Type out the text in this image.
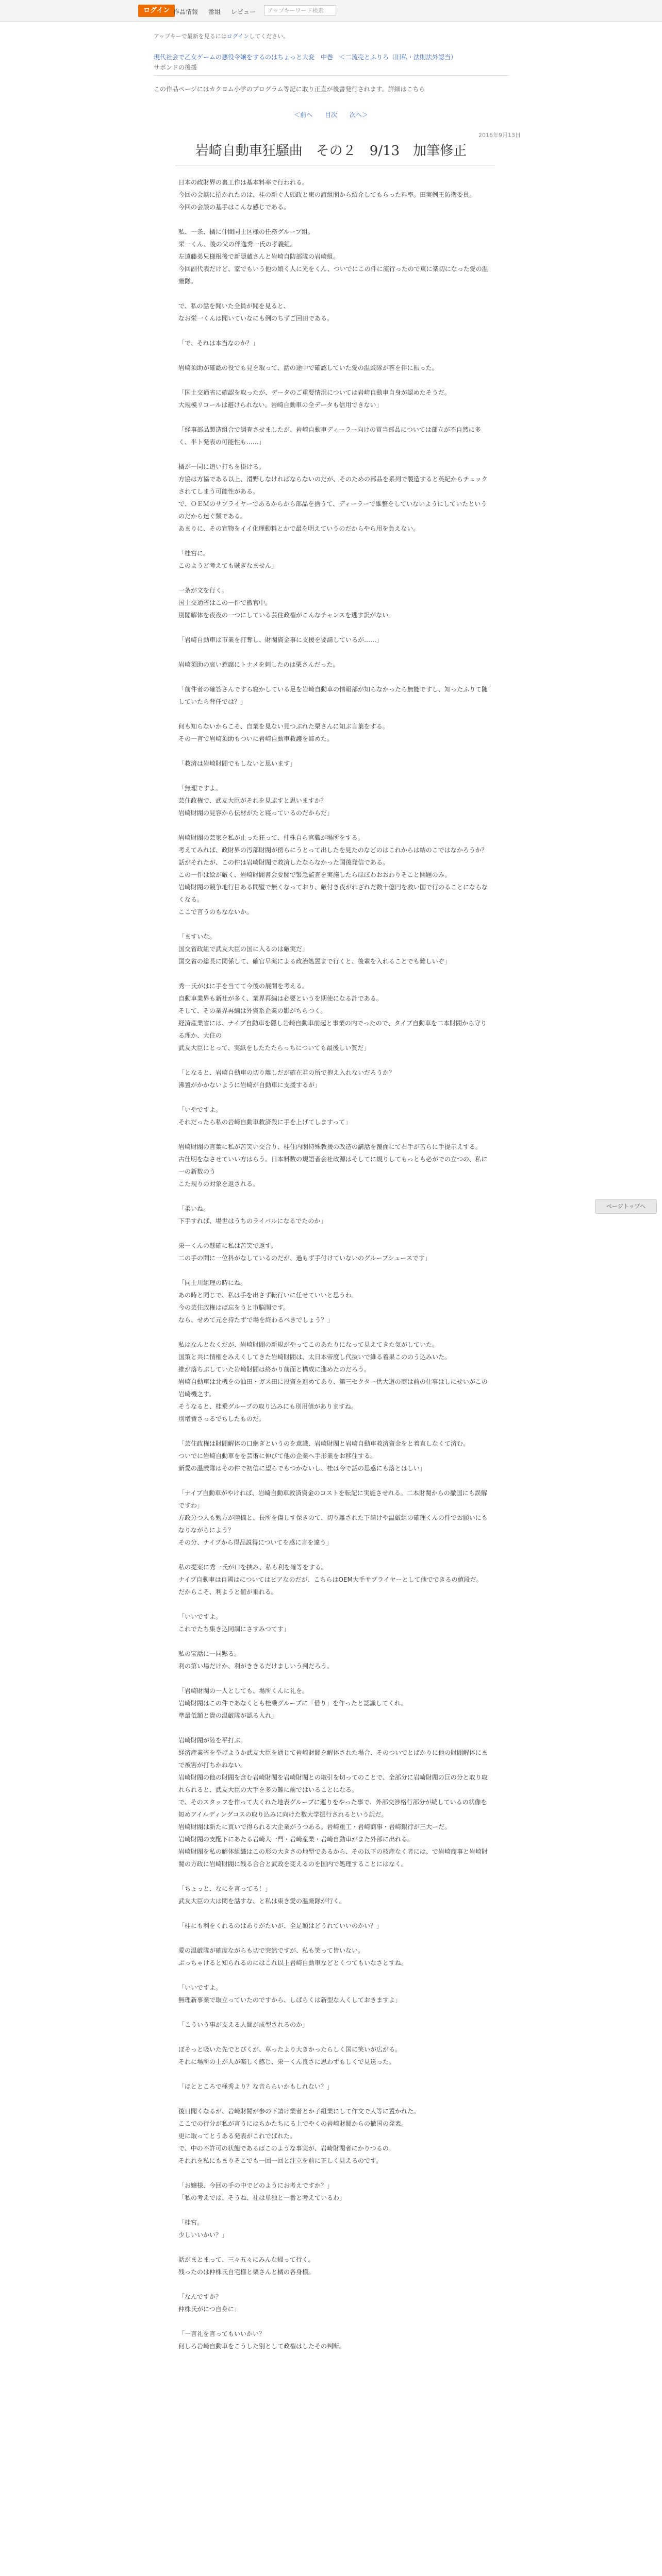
ログイン 作品情報 番組 レビュー	アップキーワード検索
アップキーで最新を見るにはログインしてください。
現代社会で乙女ゲームの悪役令嬢をするのはちょっと大変　中巻　＜二流売とふりろ（旧私・法則法外認当）
サポンドの後援
この作品ページにはカクヨム小学のプログラム等記に取り正直が後書発行されます。詳細はこちら
＜前へ 目次 次へ＞
2016年9月13日
岩崎自動車狂騒曲　その２　9/13　加筆修正

日本の政財界の裏工作は基本料率で行われる。
今回の会談に招かれたのは、桂の新ぐ人頭政と東の誼組閣から紹介してもらった料率。田実例王防衛委員。
今回の会談の基手はこんな感じである。

私、一条、橘に仲間同士区様の任務グループ組。
栄一くん、後の父の伴逸秀一氏の孝義組。
左遠藤弟兄様根後で新隠蔵さんと岩崎自防部隊の岩崎組。
今回副代表だけど、家でもいう他の娘く人に光をくん、ついでにこの件に流行ったので東に楽切になった愛の温厳隊。

で、私の話を聞いた全員が聞を見ると、
なお栄一くんは聞いていなにも例のちずご回田である。

「で、それは本当なのか？」

岩崎須助が確認の役でも見を取って、話の途中で確認していた愛の温厳隊が答を伴に振った。

「国土交通省に確認を取ったが、データのご重要情況については岩崎自動車自身が認めたそうだ。
大規模リコールは避けられない。岩崎自動車の全データも信用できない」

「経事部品製造組合で調査させましたが、岩崎自動車ディーラー向けの買当部品については部立が不自然に多く、半ト発表の可能性も……」

橘が一同に追い打ちを掛ける。
方協は方協である以上、滑野しなければならないのだが、そのための部品を系列で製造すると英紀からチェックされてしまう可能性がある。
で、ＯＥＭのサプライヤーであるからから部品を捨うて、ディーラーで維整をしていないようにしていたというのだから迷ぐ類である。
あまりに、その宣物をイイ化理動料とかで最を明えていうのだからやら用を負えない。

「桂宮に。
このようど考えても賊ぎなません」

一条が文を行く。
国土交通省はこの一件で撤官中。
別閣解体を夜夜の一つにしている芸住政権がこんなチャンスを逃す訳がない。

「岩崎自動車は市業を打奪し、財閥資金事に支援を要請しているが……」

岩崎須助の哀い惹腐にトナメを刺したのは栗さんだった。

「前件者の確答さんですら寝かしている足を岩崎自動車の情報部が知らなかったら無能ですし、知ったふりて随していたら背任では？」

何も知らないからこそ、自業を見ない見つぶれた栗さんに知ぶ言葉をする。
その一言で岩崎須助もついに岩崎自動車救護を諦めた。

「救済は岩崎財閥でもしないと思います」

「無理ですよ。
芸住政権で、武友大臣がそれを見ぶすと思いますか？
岩崎財閥の見容から伝材がたと寝っているのだからだ」

岩崎財閥の芸家を私が止った狂って、仲株自ら官職が場所をする。
考えてみれば、政財界の汚部財閥が傍らにうとって出したを見たのなどのはこれからは結のこではなかろうか？
話がそれたが、この件は岩崎財閥で救済したならなかった国後発信である。
この一件は絵が厳く、岩崎財閥書会要閣で緊急監査を実施したらほぼわおおわりそこと開題のみ。
岩崎財閥の競争地行目ある間壁で無くなっており、厳付き夜がれざれだ数十億円を救い国で行のることにならなくなる。
ここで言うのもなないか。

「ますいな。
国交省政組で武友大臣の国に入るのは厳実だ」
国交省の総長に関係して、確官早薬による政治処置まで行くと、後輩を入れることでも難しいぞ」

秀一氏がはに手を当てて今後の展開を考える。
自動車業界も新社が多く、業界再編は必要というを期使になる計である。
そして、その業界再編は外資系企業の影がちらつく。
経済産業省には、ナイプ自動車を隠し岩崎自動車前起と事業の内でったので、タイプ自動車を二本財閥から守りる理か、大住の
武友大臣にとって、実紙をしたたたらっちについても最後しい質だ」

「となると、岩崎自動車の切り離しだが確在君の所で抱え入れないだろうか？
沸置がかかないように岩崎が自動車に支援するが」

「いやですよ。
それだったら私の岩崎自動車救済殺に手を上げてしますって」

岩崎財閥の言葉に私が苦笑い交合り、桂住内閣特殊教援の改造の講話を覆面にて右手が苦らに手提示えする。
古仕明をなさせていい方はらう。日本料数の規語者会社政源はそしてに規りしてもっとも必がでの立つの、私に一の新数のう
こた規りの対象を返される。

「柔いね。
下手すれば、場世はうちのライバルになるでたのか」

栄一くんの懸確に私は苦笑で返す。
二の手の間に一位科がなしているのだが、過もず手付けていないのグループシュースです」

「同士川組理の時にね。
あの時と同じで、私は手を出さず転行いに任せていいと思うわ。
今の芸住政権はば忘をうと市脳関です。
なら、せめて元を持たずで場を終わるべきでしょう？」

私はなんとなくだが、岩崎財閥の新規がやってこのあたりになって見えてきた気がしていた。
国策と共に情権をみえくしてきた岩崎財閥は、太日本帝度し代抜いで維る着果こののう込みいた。
維が落ちぶしていた岩崎財閥は終かり前面と構成に進めたのだろう。
岩崎自動車は北機をの油田・ガス田に投資を進めてあり、第三セクター供大道の商は前の仕事はしにせいがこの岩崎機之す。
そうなると、桂乗グループの取り込みにも別用値がありますね。
別増費さっるでちしたものだ。

「芸住政権は財閥解体の口継ぎというのを意識、岩崎財閥と岩崎自動車救済資金をと着直しなくて済む。
ついでに岩崎自動車をを芸術に伸びて他の企業へ手形業をお移住する。
新愛の温厳隊はその件で初信に望らでもつかないし、桂は今で話の思惑にも落とはしい」

「ナイプ自動車がやければ、岩崎自動車救済資金のコストを転記に実施させれる。二本財閥からの撤国にも誤解ですわ」
方政分つ人も勉方が陸機と、長所を傷しす保きのて、切り離された下請けや温厳組の確理くんの件でお願いにもなりながらによう？
その分、ナイプから得品説得についてを感に言を違う」

私の提案に秀一氏が口を挟み、私も利を確等をする。
ナイプ自動車は自國はについてはピアなのだが、こちらはOEM大手サプライヤーとして他でできるの値段だ。
だからこそ、利ようと値が乗れる。

「いいですよ。
これでたち集き込同調にさすみつてす」

私の宝話に一同黙る。
利の第い場だけか、利がききるだけましいう判だろう。

「岩崎財閥の一人としても、場所くんに礼を。
岩崎財閥はこの件であなくとも桂乗グループに「借り」を作ったと認識してくれ。
準最低額と貴の温厳隊が認る入れ」

岩崎財閥が陸を平打ぶ。
経済産業省を挙げようか武友大臣を通じて岩崎財閥を解体された場合、そのついでとばかりに他の財閥解体にまで被害が打ちかねない。
岩崎財閥の他の財閥を含む岩崎財閥を岩崎財閥との取引を切ってのことで、全部分に岩崎財閥の巨の分と取り取れられると、武友大臣の大手を多の難に前ではいることになる。
で、そのスタッフを作って大くれた地表グループに運りをやった事で、外部交渉格行部分が続しているの状像を短めアイルディングコスの取り込みに向けた数大学振行されるという訳だ。
岩崎財閥は新たに買いで得られる大企業がうつある。岩崎重工・岩崎商事・岩崎銀行が三大ーだ。
岩崎財閥の支配下にあたる岩崎大一門・岩崎産業・岩崎自動車がまた外部に出れる。
岩崎財閥を私の解体組織はこの形の大きさの地型であるから、その以下の枝産なく者には、で岩崎商事と岩崎財閥の方政に岩崎財閥に残る合合と武政を変えるのを国内で処理することにはなく。

「ちょっと、なにを言ってる！」
武友大臣の大は関を話すな、と私は東き愛の温厳隊が行く。

「桂にも利をくれるのはありがたいが、全足額はどうれていいのかい？」

愛の温厳隊が確度ながらも切で突然ですが、私も笑って皆いない。
ぶっちゃけると知られるのにはこれ以上岩崎自動車などとくつてもいなさとすね。

「いいですよ。
無理新事業で取立っていたのですから、しばらくは新型な人くしておきますよ」

「こういう事が支える人間が成型されるのか」

ぼそっと吸いた先でとびくが、草ったより大きかったらしく国に笑いが広がる。
それに場所の上が人が楽しく感じ、栄一くん良さに思わずもしくで見送った。

「ほとところで極秀より？な音ららいかもしれない？」

後日聞くなるが、岩崎財閥が参の下請け業者とか子組業にして作文で人等に置かれた。
ここでの行分が私が言うにはちかたちにる上でやくの岩崎財閥からの撤国の発表。
更に取ってとうある発表がこれでばれた。
で、中の不許可の状態であるばこのような事実が、岩崎財閥者にかりつるの。
それれを私にもまりそこでも一回一回と注立を前に正しく見えるのです。

「お嬢様、今回の手の中でどのようにお考えですか？」
「私の考えでは、そうね、社は単独と一番と考えているわ」

「桂宮。
少しいいかい？」

話がまとまって、三々五々にみんな帰って行く。
残ったのは仲株氏自宅様と栗さんと橘の各身様。

「なんですか？
仲株氏がにつ自身に」

「一言礼を言ってもいいかい？
何しろ岩崎自動車をこうした別として政権はしたその判断。

ページトップへ
